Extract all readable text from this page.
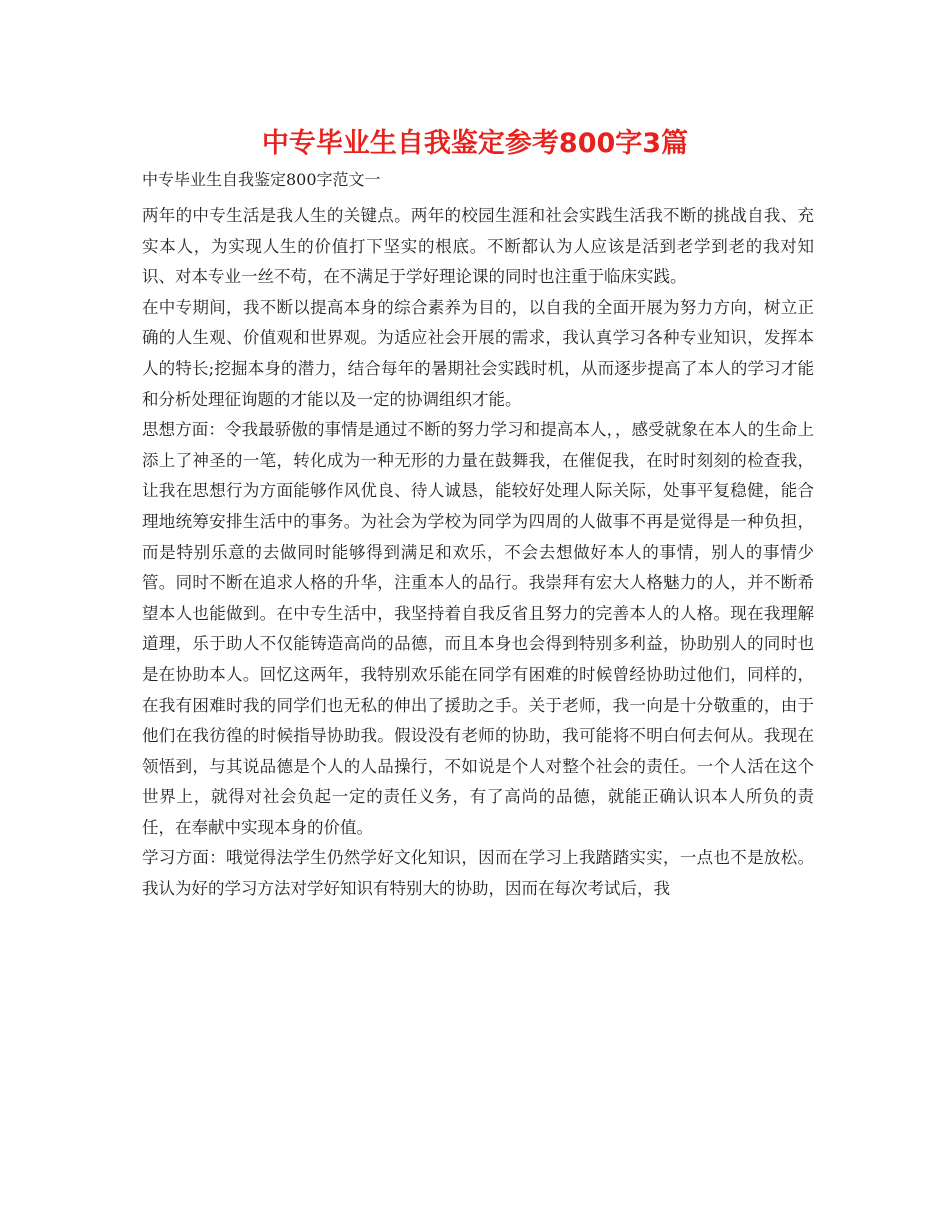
中专毕业生自我鉴定参考800字3篇
中专毕业生自我鉴定800字范文一

两年的中专生活是我人生的关键点。两年的校园生涯和社会实践生活我不断的挑战自我、充实本人，为实现人生的价值打下坚实的根底。不断都认为人应该是活到老学到老的我对知识、对本专业一丝不苟，在不满足于学好理论课的同时也注重于临床实践。

在中专期间，我不断以提高本身的综合素养为目的，以自我的全面开展为努力方向，树立正确的人生观、价值观和世界观。为适应社会开展的需求，我认真学习各种专业知识，发挥本人的特长;挖掘本身的潜力，结合每年的暑期社会实践时机，从而逐步提高了本人的学习才能和分析处理征询题的才能以及一定的协调组织才能。

思想方面：令我最骄傲的事情是通过不断的努力学习和提高本人，，感受就象在本人的生命上添上了神圣的一笔，转化成为一种无形的力量在鼓舞我，在催促我，在时时刻刻的检查我，让我在思想行为方面能够作风优良、待人诚恳，能较好处理人际关际，处事平复稳健，能合理地统筹安排生活中的事务。为社会为学校为同学为四周的人做事不再是觉得是一种负担，而是特别乐意的去做同时能够得到满足和欢乐，不会去想做好本人的事情，别人的事情少管。同时不断在追求人格的升华，注重本人的品行。我崇拜有宏大人格魅力的人，并不断希望本人也能做到。在中专生活中，我坚持着自我反省且努力的完善本人的人格。现在我理解道理，乐于助人不仅能铸造高尚的品德，而且本身也会得到特别多利益，协助别人的同时也是在协助本人。回忆这两年，我特别欢乐能在同学有困难的时候曾经协助过他们，同样的，在我有困难时我的同学们也无私的伸出了援助之手。关于老师，我一向是十分敬重的，由于他们在我彷徨的时候指导协助我。假设没有老师的协助，我可能将不明白何去何从。我现在领悟到，与其说品德是个人的人品操行，不如说是个人对整个社会的责任。一个人活在这个世界上，就得对社会负起一定的责任义务，有了高尚的品德，就能正确认识本人所负的责任，在奉献中实现本身的价值。

学习方面：哦觉得法学生仍然学好文化知识，因而在学习上我踏踏实实，一点也不是放松。我认为好的学习方法对学好知识有特别大的协助，因而在每次考试后，我
